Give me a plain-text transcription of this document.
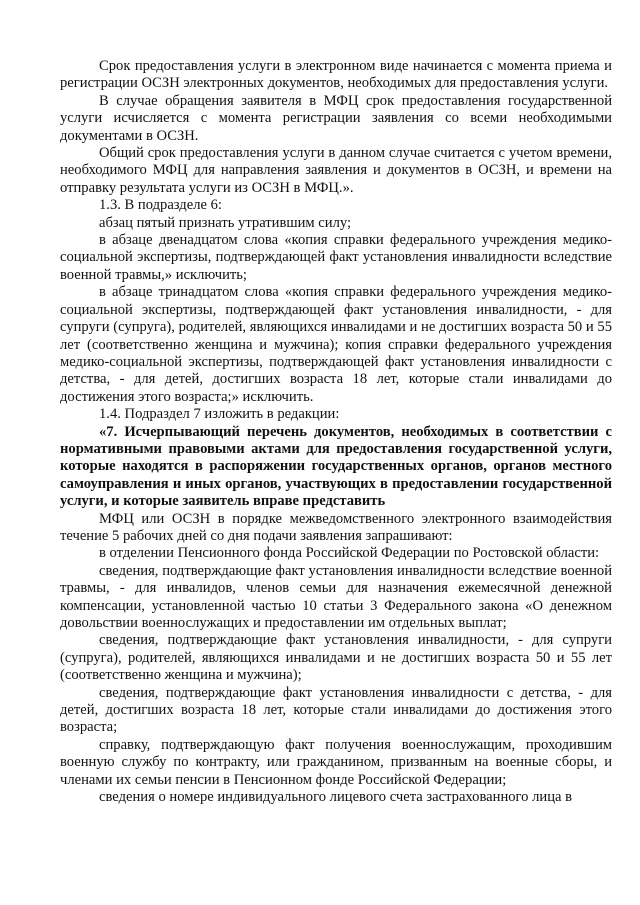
Срок предоставления услуги в электронном виде начинается с момента приема и регистрации ОСЗН электронных документов, необходимых для предоставления услуги.

В случае обращения заявителя в МФЦ срок предоставления государственной услуги исчисляется с момента регистрации заявления со всеми необходимыми документами в ОСЗН.

Общий срок предоставления услуги в данном случае считается с учетом времени, необходимого МФЦ для направления заявления и документов в ОСЗН, и времени на отправку результата услуги из ОСЗН в МФЦ.».

1.3. В подразделе 6:

абзац пятый признать утратившим силу;

в абзаце двенадцатом слова «копия справки федерального учреждения медико-социальной экспертизы, подтверждающей факт установления инвалидности вследствие военной травмы,» исключить;

в абзаце тринадцатом слова «копия справки федерального учреждения медико-социальной экспертизы, подтверждающей факт установления инвалидности, - для супруги (супруга), родителей, являющихся инвалидами и не достигших возраста 50 и 55 лет (соответственно женщина и мужчина); копия справки федерального учреждения медико-социальной экспертизы, подтверждающей факт установления инвалидности с детства, - для детей, достигших возраста 18 лет, которые стали инвалидами до достижения этого возраста;» исключить.

1.4. Подраздел 7 изложить в редакции:

«7. Исчерпывающий перечень документов, необходимых в соответствии с нормативными правовыми актами для предоставления государственной услуги, которые находятся в распоряжении государственных органов, органов местного самоуправления и иных органов, участвующих в предоставлении государственной услуги, и которые заявитель вправе представить

МФЦ или ОСЗН в порядке межведомственного электронного взаимодействия течение 5 рабочих дней со дня подачи заявления запрашивают:

в отделении Пенсионного фонда Российской Федерации по Ростовской области:

сведения, подтверждающие факт установления инвалидности вследствие военной травмы, - для инвалидов, членов семьи для назначения ежемесячной денежной компенсации, установленной частью 10 статьи 3 Федерального закона «О денежном довольствии военнослужащих и предоставлении им отдельных выплат;

сведения, подтверждающие факт установления инвалидности, - для супруги (супруга), родителей, являющихся инвалидами и не достигших возраста 50 и 55 лет (соответственно женщина и мужчина);

сведения, подтверждающие факт установления инвалидности с детства, - для детей, достигших возраста 18 лет, которые стали инвалидами до достижения этого возраста;

справку, подтверждающую факт получения военнослужащим, проходившим военную службу по контракту, или гражданином, призванным на военные сборы, и членами их семьи пенсии в Пенсионном фонде Российской Федерации;

сведения о номере индивидуального лицевого счета застрахованного лица в
